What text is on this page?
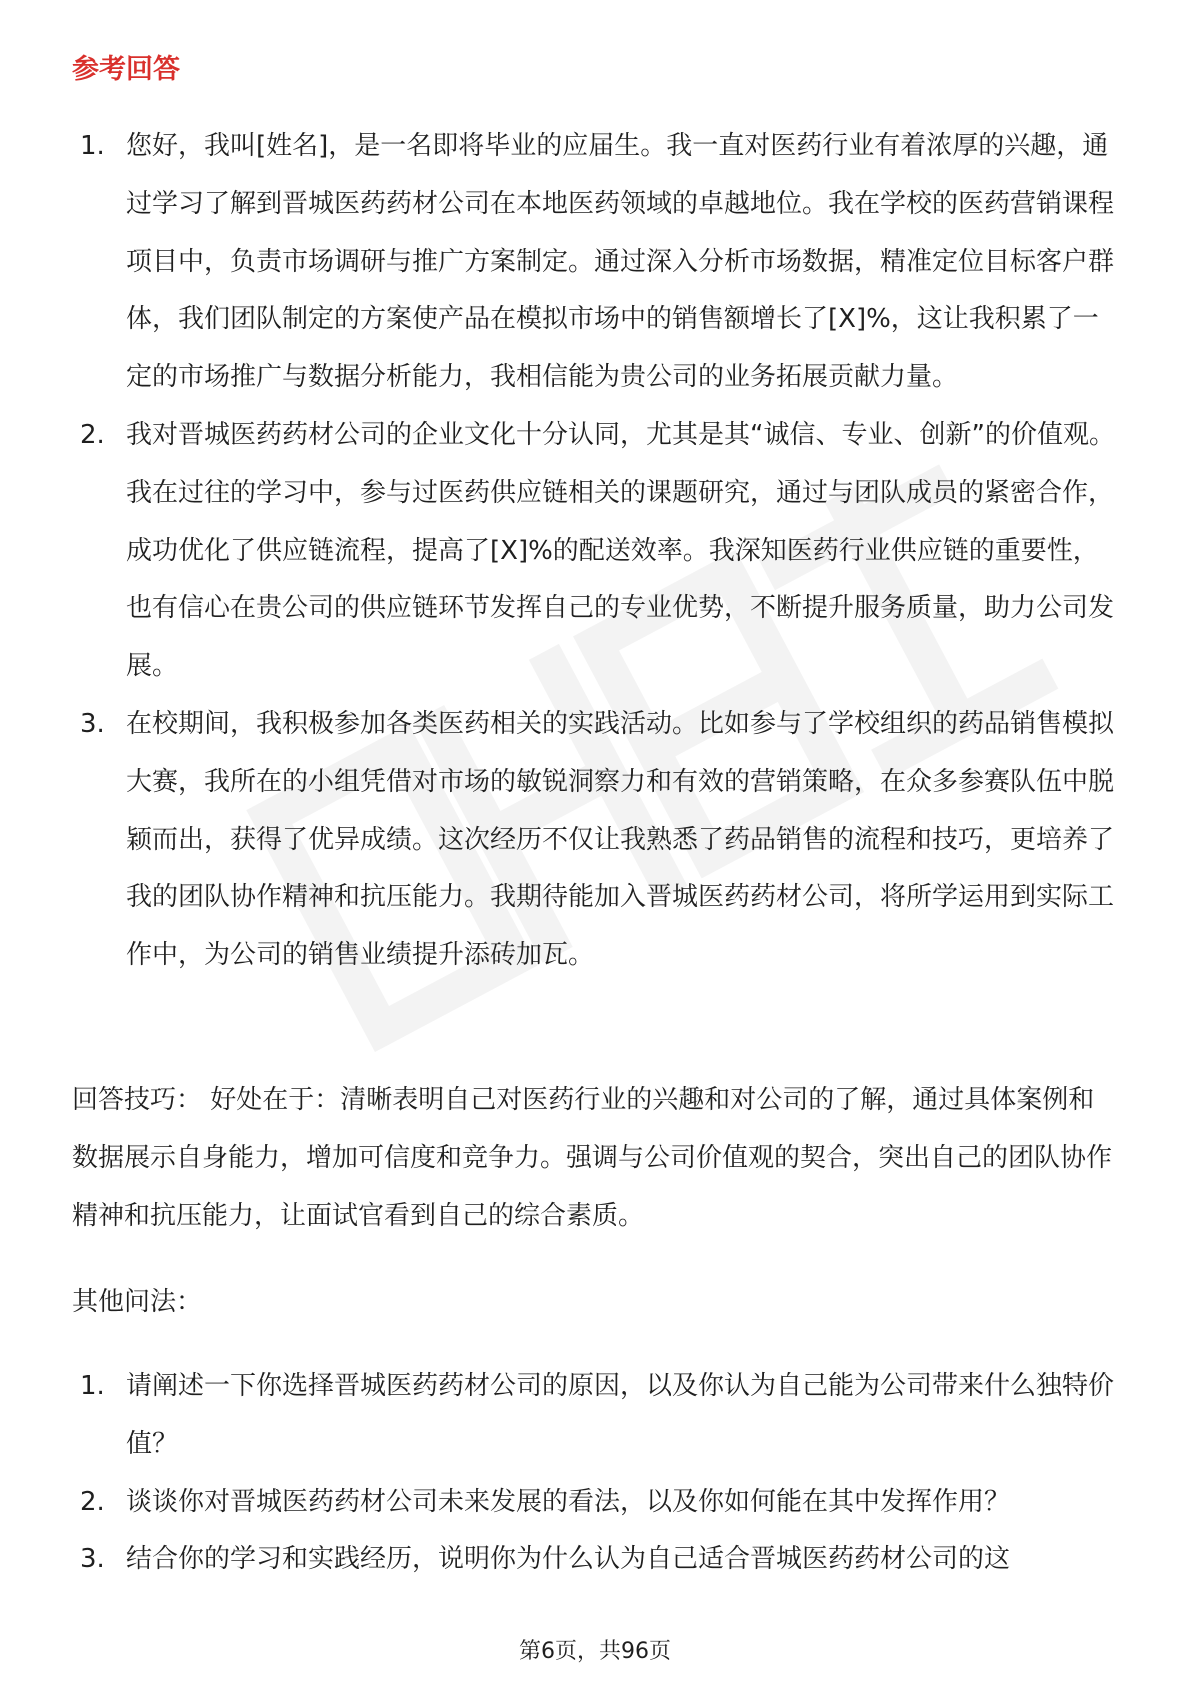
参考回答
1. 您好，我叫[姓名]，是一名即将毕业的应届生。我一直对医药行业有着浓厚的兴趣，通过学习了解到晋城医药药材公司在本地医药领域的卓越地位。我在学校的医药营销课程项目中，负责市场调研与推广方案制定。通过深入分析市场数据，精准定位目标客户群体，我们团队制定的方案使产品在模拟市场中的销售额增长了[X]%，这让我积累了一定的市场推广与数据分析能力，我相信能为贵公司的业务拓展贡献力量。
2. 我对晋城医药药材公司的企业文化十分认同，尤其是其“诚信、专业、创新”的价值观。我在过往的学习中，参与过医药供应链相关的课题研究，通过与团队成员的紧密合作，成功优化了供应链流程，提高了[X]%的配送效率。我深知医药行业供应链的重要性，也有信心在贵公司的供应链环节发挥自己的专业优势，不断提升服务质量，助力公司发展。
3. 在校期间，我积极参加各类医药相关的实践活动。比如参与了学校组织的药品销售模拟大赛，我所在的小组凭借对市场的敏锐洞察力和有效的营销策略，在众多参赛队伍中脱颖而出，获得了优异成绩。这次经历不仅让我熟悉了药品销售的流程和技巧，更培养了我的团队协作精神和抗压能力。我期待能加入晋城医药药材公司，将所学运用到实际工作中，为公司的销售业绩提升添砖加瓦。

回答技巧： 好处在于：清晰表明自己对医药行业的兴趣和对公司的了解，通过具体案例和数据展示自身能力，增加可信度和竞争力。强调与公司价值观的契合，突出自己的团队协作精神和抗压能力，让面试官看到自己的综合素质。

其他问法：

1. 请阐述一下你选择晋城医药药材公司的原因，以及你认为自己能为公司带来什么独特价值？
2. 谈谈你对晋城医药药材公司未来发展的看法，以及你如何能在其中发挥作用？
3. 结合你的学习和实践经历，说明你为什么认为自己适合晋城医药药材公司的这
第6页，共96页
